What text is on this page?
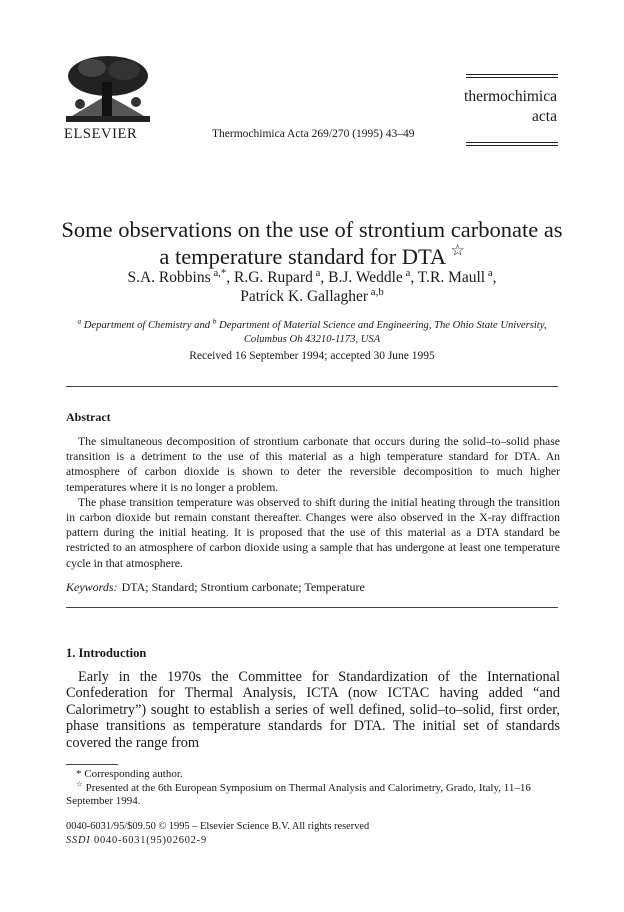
ELSEVIER	Thermochimica Acta 269/270 (1995) 43–49
thermochimica
acta
Some observations on the use of strontium carbonate as
a temperature standard for DTA ☆
S.A. Robbins $^{a,*}$, R.G. Rupard $^a$, B.J. Weddle $^a$, T.R. Maull $^a$,
Patrick K. Gallagher $^{a,b}$
$^a$ Department of Chemistry and $^b$ Department of Material Science and Engineering, The Ohio State University,
Columbus Oh 43210-1173, USA
Received 16 September 1994; accepted 30 June 1995
Abstract

The simultaneous decomposition of strontium carbonate that occurs during the solid–to–solid phase transition is a detriment to the use of this material as a high temperature standard for DTA. An atmosphere of carbon dioxide is shown to deter the reversible decomposition to much higher temperatures where it is no longer a problem.

The phase transition temperature was observed to shift during the initial heating through the transition in carbon dioxide but remain constant thereafter. Changes were also observed in the X-ray diffraction pattern during the initial heating. It is proposed that the use of this material as a DTA standard be restricted to an atmosphere of carbon dioxide using a sample that has undergone at least one temperature cycle in that atmosphere.

Keywords: DTA; Standard; Strontium carbonate; Temperature
1. Introduction

Early in the 1970s the Committee for Standardization of the International Confederation for Thermal Analysis, ICTA (now ICTAC having added “and Calorimetry”) sought to establish a series of well defined, solid–to–solid, first order, phase transitions as temperature standards for DTA. The initial set of standards covered the range from

* Corresponding author.
☆ Presented at the 6th European Symposium on Thermal Analysis and Calorimetry, Grado, Italy, 11–16 September 1994.
0040-6031/95/$09.50 © 1995 – Elsevier Science B.V. All rights reserved
SSDI 0040-6031(95)02602-9
